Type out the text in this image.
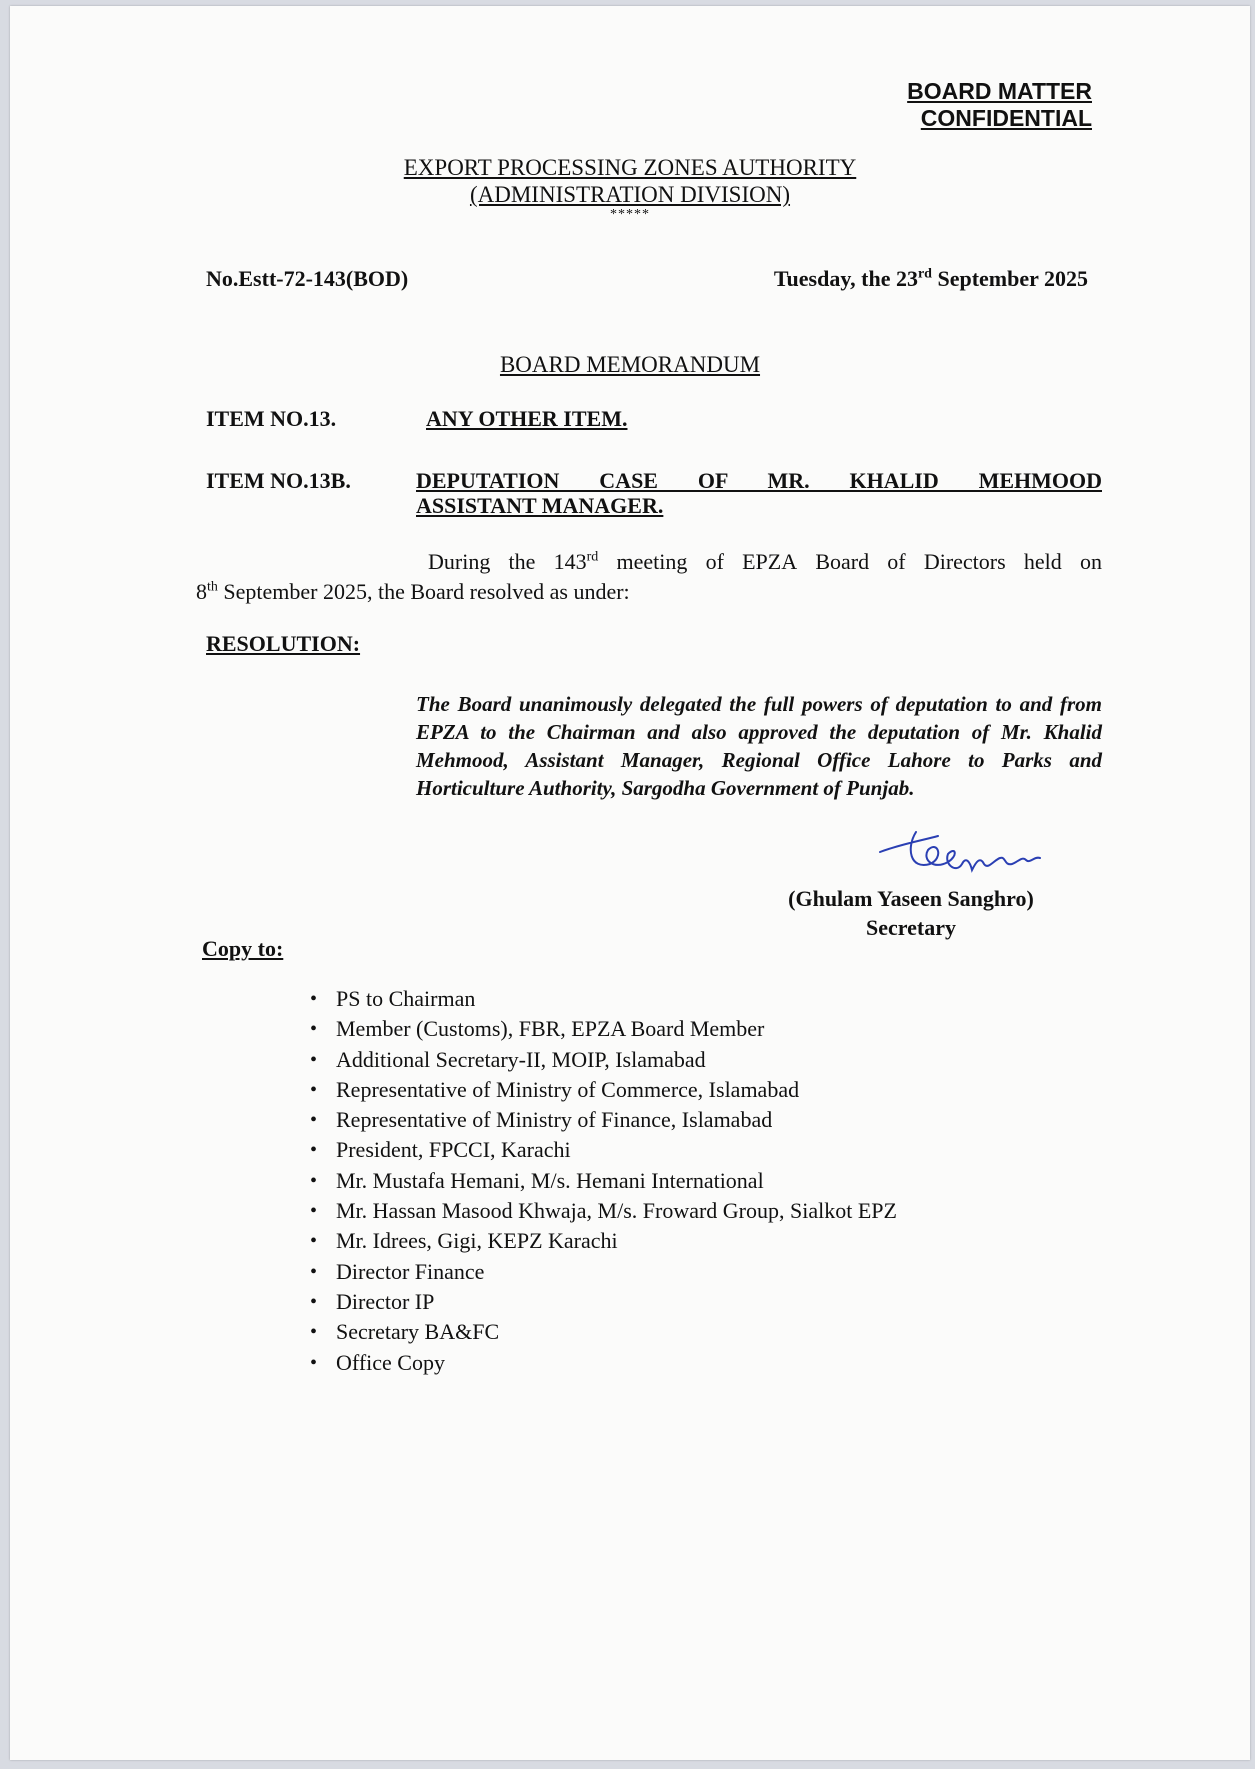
BOARD MATTER
CONFIDENTIAL
EXPORT PROCESSING ZONES AUTHORITY
(ADMINISTRATION DIVISION)
*****
No.Estt-72-143(BOD)	Tuesday, the 23rd September 2025
BOARD MEMORANDUM
ITEM NO.13.	ANY OTHER ITEM.
ITEM NO.13B.	DEPUTATION CASE OF MR. KHALID MEHMOOD
ASSISTANT MANAGER.
During the 143rd meeting of EPZA Board of Directors held on
8th September 2025, the Board resolved as under:
RESOLUTION:
The Board unanimously delegated the full powers of deputation to and from EPZA to the Chairman and also approved the deputation of Mr. Khalid Mehmood, Assistant Manager, Regional Office Lahore to Parks and Horticulture Authority, Sargodha Government of Punjab.
(Ghulam Yaseen Sanghro)
Secretary
Copy to:
• PS to Chairman
• Member (Customs), FBR, EPZA Board Member
• Additional Secretary-II, MOIP, Islamabad
• Representative of Ministry of Commerce, Islamabad
• Representative of Ministry of Finance, Islamabad
• President, FPCCI, Karachi
• Mr. Mustafa Hemani, M/s. Hemani International
• Mr. Hassan Masood Khwaja, M/s. Froward Group, Sialkot EPZ
• Mr. Idrees, Gigi, KEPZ Karachi
• Director Finance
• Director IP
• Secretary BA&FC
• Office Copy
